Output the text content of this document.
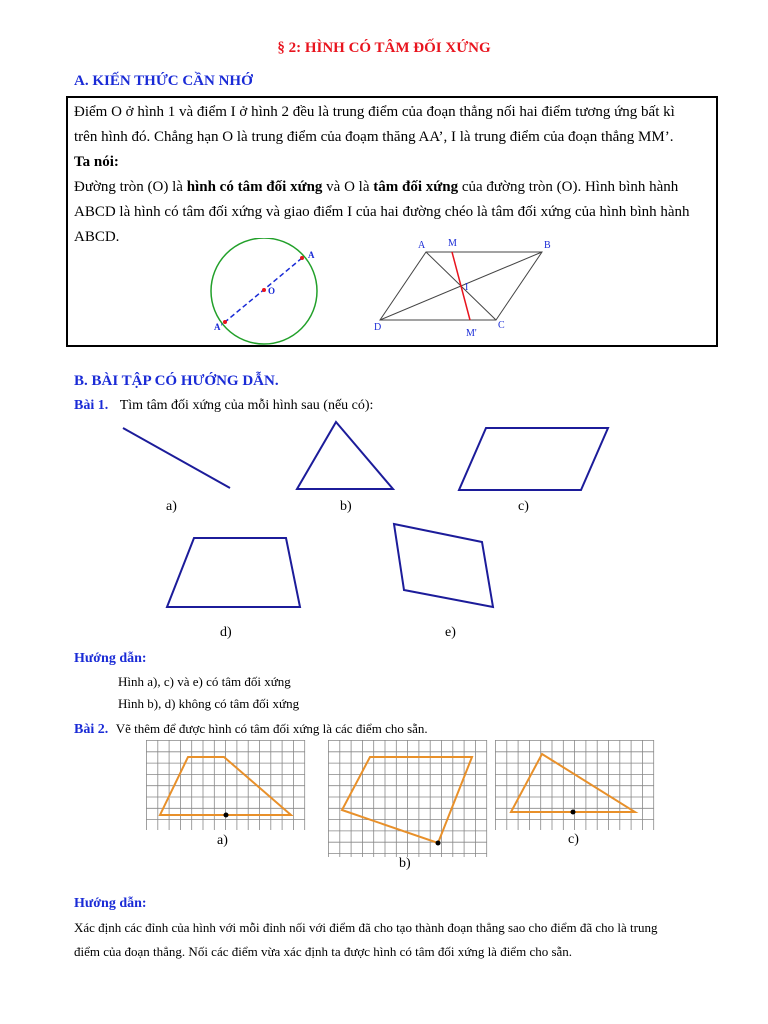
§ 2: HÌNH CÓ TÂM ĐỐI XỨNG
A. KIẾN THỨC CẦN NHỚ

Điểm O ở hình 1 và điểm I ở hình 2 đều là trung điểm của đoạn thẳng nối hai điểm tương ứng bất kì

trên hình đó. Chẳng hạn O là trung điểm của đoạm thăng AA’, I là trung điểm của đoạn thẳng MM’.

Ta nói:

Đường tròn (O) là hình có tâm đối xứng và O là tâm đối xứng của đường tròn (O). Hình bình hành

ABCD là hình có tâm đối xứng và giao điểm I của hai đường chéo là tâm đối xứng của hình bình hành

ABCD.

A
O
A'
A M	B
I
D	C
M'
B. BÀI TẬP CÓ HƯỚNG DẪN.
Bài 1. Tìm tâm đối xứng của mỗi hình sau (nếu có):
a)	b)	c)
d)	e)
Hướng dẫn:
Hình a), c) và e) có tâm đối xứng
Hình b), d) không có tâm đối xứng
Bài 2. Vẽ thêm để được hình có tâm đối xứng là các điểm cho sẵn.
a)
b)
c)
Hướng dẫn:
Xác định các đỉnh của hình với mỗi đỉnh nối với điểm đã cho tạo thành đoạn thẳng sao cho điểm đã cho là trung
điểm của đoạn thẳng. Nối các điểm vừa xác định ta được hình có tâm đối xứng là điểm cho sẵn.
